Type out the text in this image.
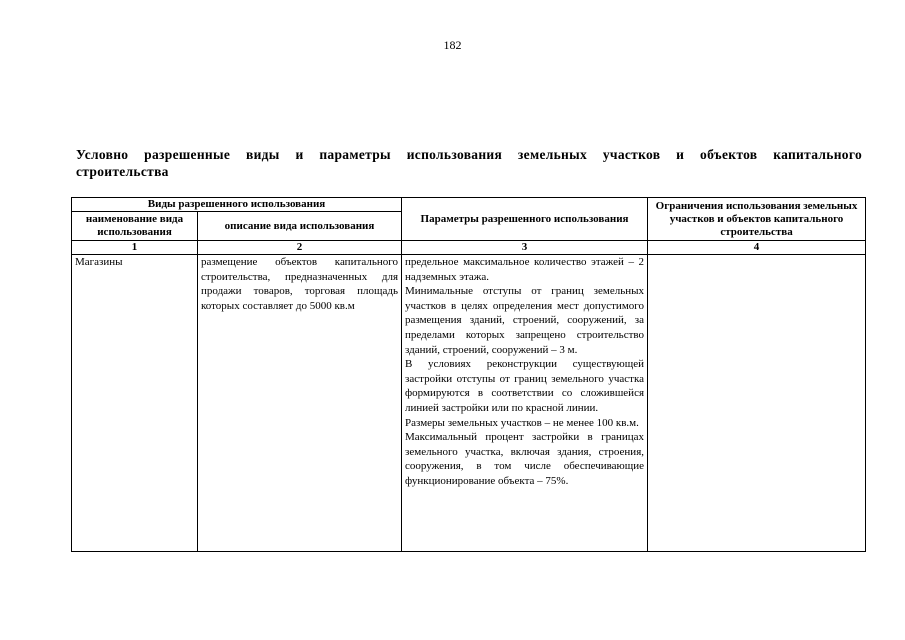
182
Условно разрешенные виды и параметры использования земельных участков и объектов капитального строительства
Виды разрешенного использования		Параметры разрешенного использования	Ограничения использования земельных участков и объектов капитального строительства
наименование вида использования	описание вида использования		
1	2	3	4
Магазины	размещение объектов капитального строительства, предназначенных для продажи товаров, торговая площадь которых составляет до 5000 кв.м	предельное максимальное количество этажей – 2 надземных этажа.

Минимальные отступы от границ земельных участков в целях определения мест допустимого размещения зданий, строений, сооружений, за пределами которых запрещено строительство зданий, строений, сооружений – 3 м.

В условиях реконструкции существующей застройки отступы от границ земельного участка формируются в соответствии со сложившейся линией застройки или по красной линии.

Размеры земельных участков – не менее 100 кв.м.

Максимальный процент застройки в границах земельного участка, включая здания, строения, сооружения, в том числе обеспечивающие функционирование объекта – 75%.	
